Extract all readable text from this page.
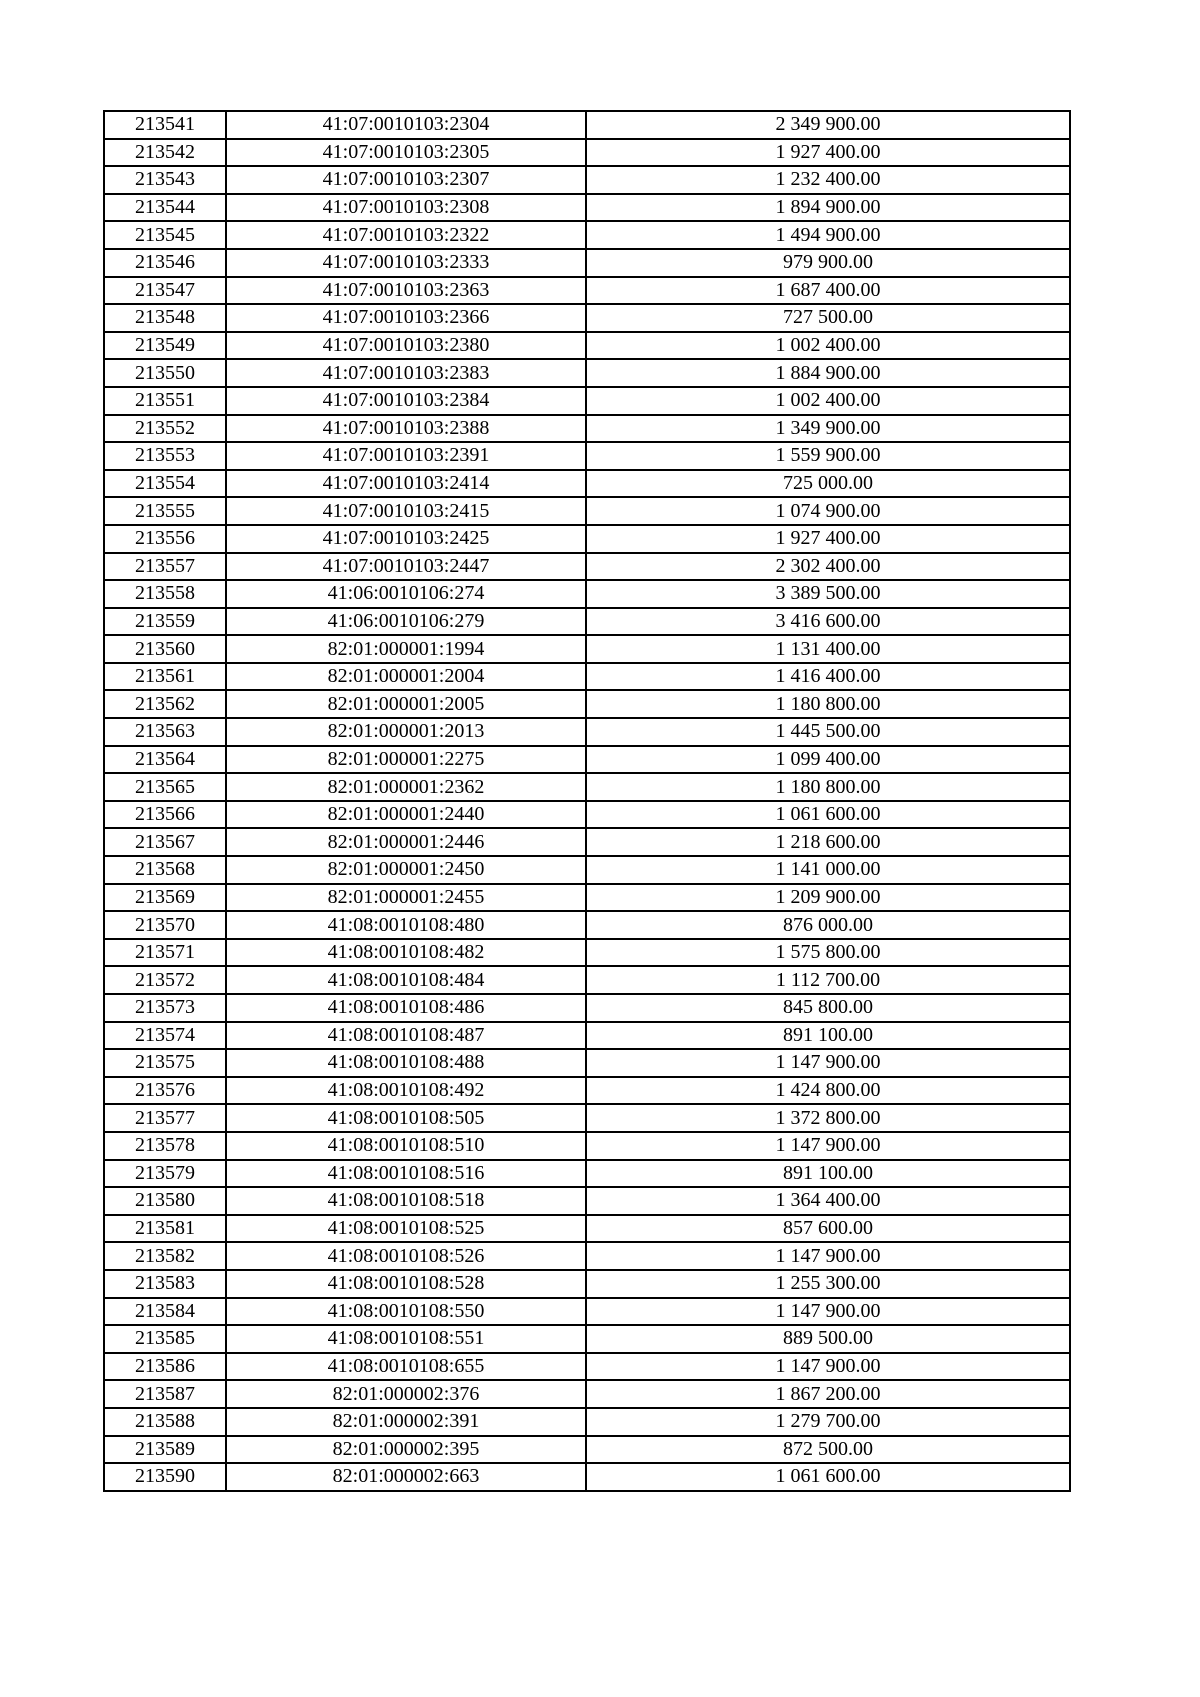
213541	41:07:0010103:2304	2 349 900.00
213542	41:07:0010103:2305	1 927 400.00
213543	41:07:0010103:2307	1 232 400.00
213544	41:07:0010103:2308	1 894 900.00
213545	41:07:0010103:2322	1 494 900.00
213546	41:07:0010103:2333	979 900.00
213547	41:07:0010103:2363	1 687 400.00
213548	41:07:0010103:2366	727 500.00
213549	41:07:0010103:2380	1 002 400.00
213550	41:07:0010103:2383	1 884 900.00
213551	41:07:0010103:2384	1 002 400.00
213552	41:07:0010103:2388	1 349 900.00
213553	41:07:0010103:2391	1 559 900.00
213554	41:07:0010103:2414	725 000.00
213555	41:07:0010103:2415	1 074 900.00
213556	41:07:0010103:2425	1 927 400.00
213557	41:07:0010103:2447	2 302 400.00
213558	41:06:0010106:274	3 389 500.00
213559	41:06:0010106:279	3 416 600.00
213560	82:01:000001:1994	1 131 400.00
213561	82:01:000001:2004	1 416 400.00
213562	82:01:000001:2005	1 180 800.00
213563	82:01:000001:2013	1 445 500.00
213564	82:01:000001:2275	1 099 400.00
213565	82:01:000001:2362	1 180 800.00
213566	82:01:000001:2440	1 061 600.00
213567	82:01:000001:2446	1 218 600.00
213568	82:01:000001:2450	1 141 000.00
213569	82:01:000001:2455	1 209 900.00
213570	41:08:0010108:480	876 000.00
213571	41:08:0010108:482	1 575 800.00
213572	41:08:0010108:484	1 112 700.00
213573	41:08:0010108:486	845 800.00
213574	41:08:0010108:487	891 100.00
213575	41:08:0010108:488	1 147 900.00
213576	41:08:0010108:492	1 424 800.00
213577	41:08:0010108:505	1 372 800.00
213578	41:08:0010108:510	1 147 900.00
213579	41:08:0010108:516	891 100.00
213580	41:08:0010108:518	1 364 400.00
213581	41:08:0010108:525	857 600.00
213582	41:08:0010108:526	1 147 900.00
213583	41:08:0010108:528	1 255 300.00
213584	41:08:0010108:550	1 147 900.00
213585	41:08:0010108:551	889 500.00
213586	41:08:0010108:655	1 147 900.00
213587	82:01:000002:376	1 867 200.00
213588	82:01:000002:391	1 279 700.00
213589	82:01:000002:395	872 500.00
213590	82:01:000002:663	1 061 600.00
